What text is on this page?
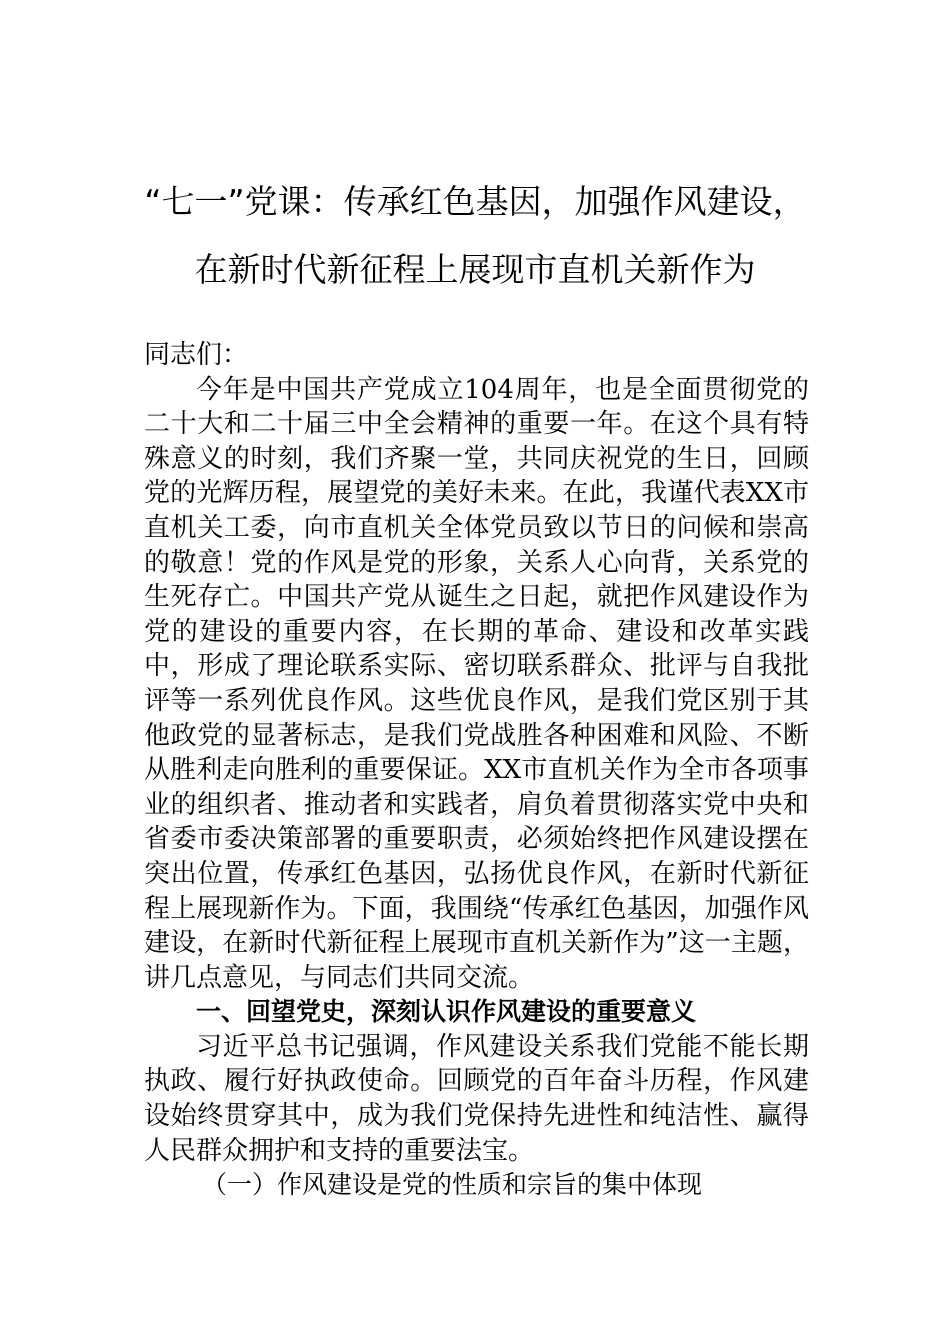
“七一”党课：传承红色基因，加强作风建设，
在新时代新征程上展现市直机关新作为

同志们：

今年是中国共产党成立104周年，也是全面贯彻党的二十大和二十届三中全会精神的重要一年。在这个具有特殊意义的时刻，我们齐聚一堂，共同庆祝党的生日，回顾党的光辉历程，展望党的美好未来。在此，我谨代表XX市直机关工委，向市直机关全体党员致以节日的问候和崇高的敬意！党的作风是党的形象，关系人心向背，关系党的生死存亡。中国共产党从诞生之日起，就把作风建设作为党的建设的重要内容，在长期的革命、建设和改革实践中，形成了理论联系实际、密切联系群众、批评与自我批评等一系列优良作风。这些优良作风，是我们党区别于其他政党的显著标志，是我们党战胜各种困难和风险、不断从胜利走向胜利的重要保证。XX市直机关作为全市各项事业的组织者、推动者和实践者，肩负着贯彻落实党中央和省委市委决策部署的重要职责，必须始终把作风建设摆在突出位置，传承红色基因，弘扬优良作风，在新时代新征程上展现新作为。下面，我围绕“传承红色基因，加强作风建设，在新时代新征程上展现市直机关新作为”这一主题，讲几点意见，与同志们共同交流。

一、回望党史，深刻认识作风建设的重要意义

习近平总书记强调，作风建设关系我们党能不能长期执政、履行好执政使命。回顾党的百年奋斗历程，作风建设始终贯穿其中，成为我们党保持先进性和纯洁性、赢得人民群众拥护和支持的重要法宝。

（一）作风建设是党的性质和宗旨的集中体现
